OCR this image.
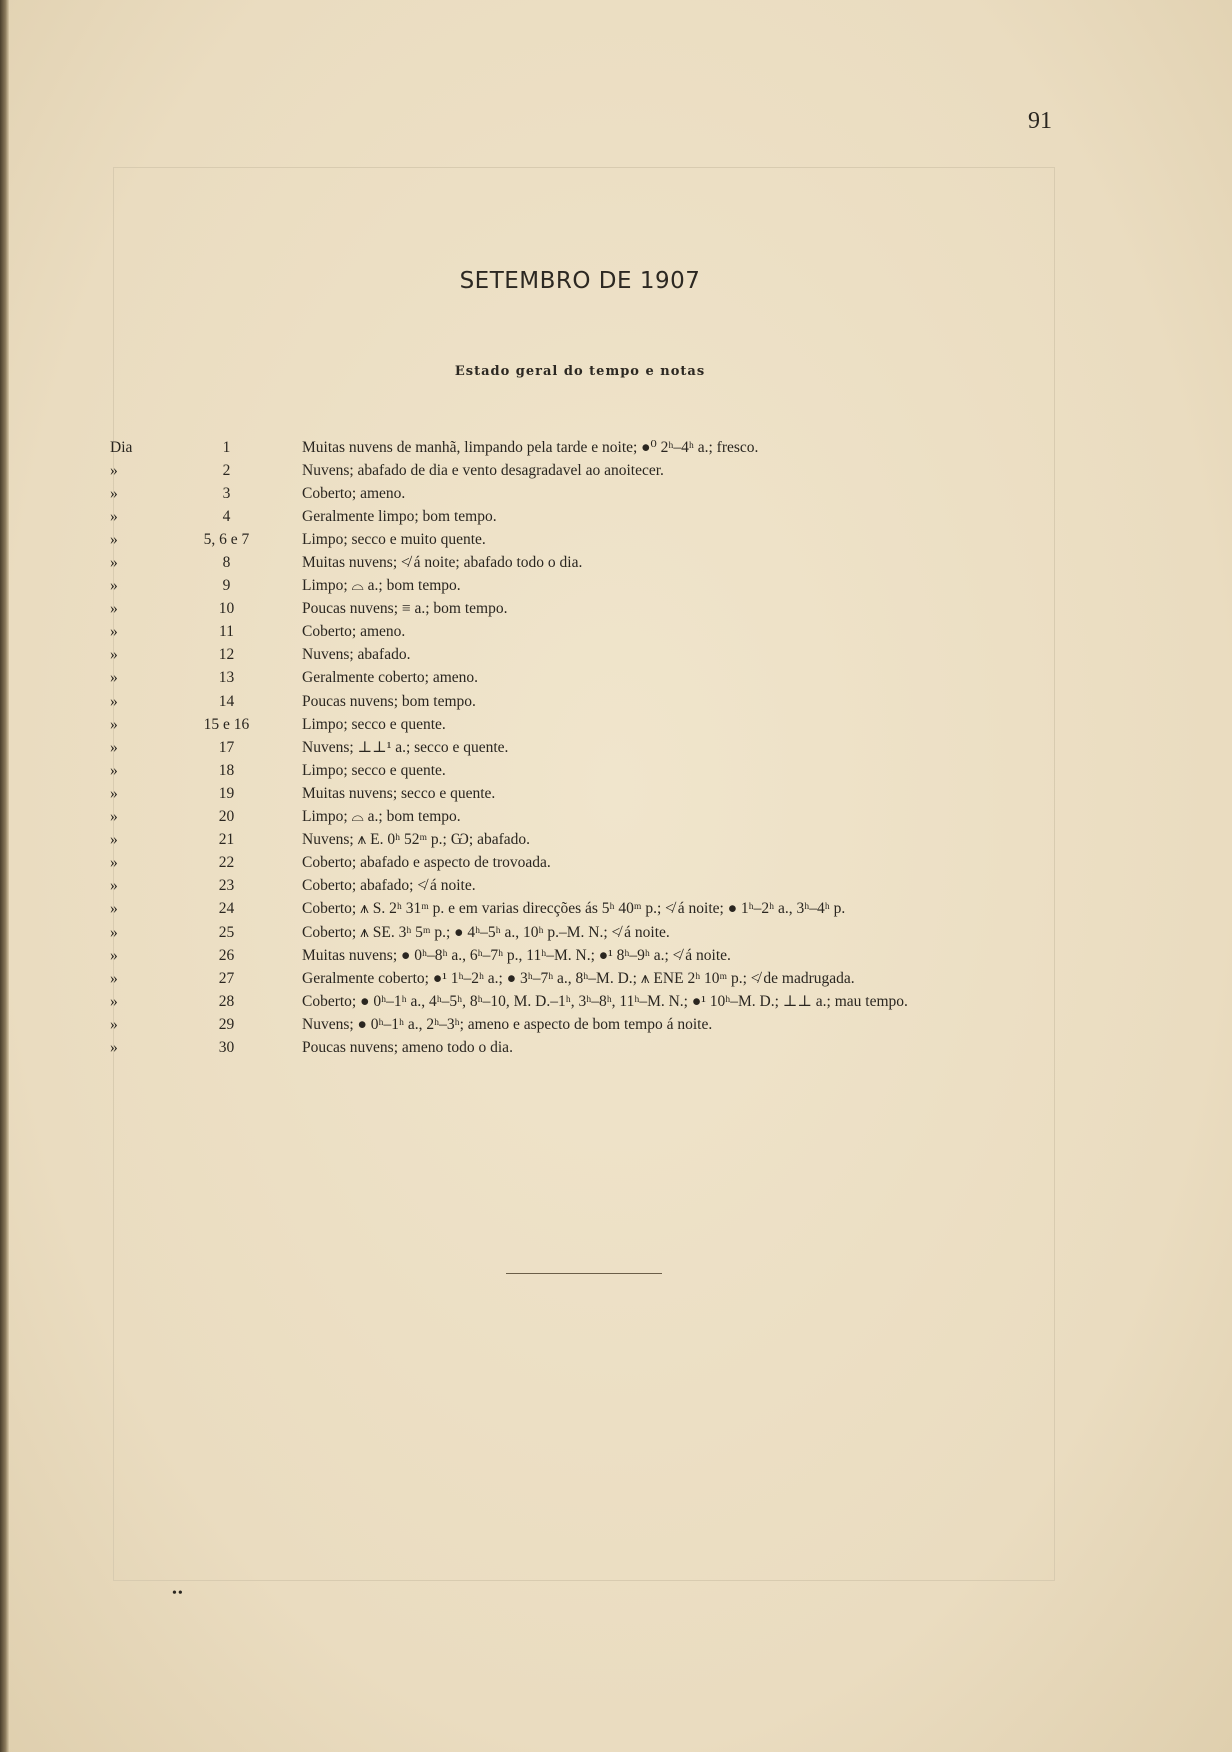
91
SETEMBRO DE 1907
Estado geral do tempo e notas
Dia	1	Muitas nuvens de manhã, limpando pela tarde e noite; ●⁰ 2ʰ–4ʰ a.; fresco.
»	2	Nuvens; abafado de dia e vento desagradavel ao anoitecer.
»	3	Coberto; ameno.
»	4	Geralmente limpo; bom tempo.
»	5, 6 e 7	Limpo; secco e muito quente.
»	8	Muitas nuvens; ≮ á noite; abafado todo o dia.
»	9	Limpo; ⌓ a.; bom tempo.
»	10	Poucas nuvens; ≡ a.; bom tempo.
»	11	Coberto; ameno.
»	12	Nuvens; abafado.
»	13	Geralmente coberto; ameno.
»	14	Poucas nuvens; bom tempo.
»	15 e 16	Limpo; secco e quente.
»	17	Nuvens; ⊥⊥¹ a.; secco e quente.
»	18	Limpo; secco e quente.
»	19	Muitas nuvens; secco e quente.
»	20	Limpo; ⌓ a.; bom tempo.
»	21	Nuvens; ⩚ E. 0ʰ 52ᵐ p.; Ѡ; abafado.
»	22	Coberto; abafado e aspecto de trovoada.
»	23	Coberto; abafado; ≮ á noite.
»	24	Coberto; ⩚ S. 2ʰ 31ᵐ p. e em varias direcções ás 5ʰ 40ᵐ p.; ≮ á noite; ● 1ʰ–2ʰ a., 3ʰ–4ʰ p.
»	25	Coberto; ⩚ SE. 3ʰ 5ᵐ p.; ● 4ʰ–5ʰ a., 10ʰ p.–M. N.; ≮ á noite.
»	26	Muitas nuvens; ● 0ʰ–8ʰ a., 6ʰ–7ʰ p., 11ʰ–M. N.; ●¹ 8ʰ–9ʰ a.; ≮ á noite.
»	27	Geralmente coberto; ●¹ 1ʰ–2ʰ a.; ● 3ʰ–7ʰ a., 8ʰ–M. D.; ⩚ ENE 2ʰ 10ᵐ p.; ≮ de madrugada.
»	28	Coberto; ● 0ʰ–1ʰ a., 4ʰ–5ʰ, 8ʰ–10, M. D.–1ʰ, 3ʰ–8ʰ, 11ʰ–M. N.; ●¹ 10ʰ–M. D.; ⊥⊥ a.; mau tempo.
»	29	Nuvens; ● 0ʰ–1ʰ a., 2ʰ–3ʰ; ameno e aspecto de bom tempo á noite.
»	30	Poucas nuvens; ameno todo o dia.
••
